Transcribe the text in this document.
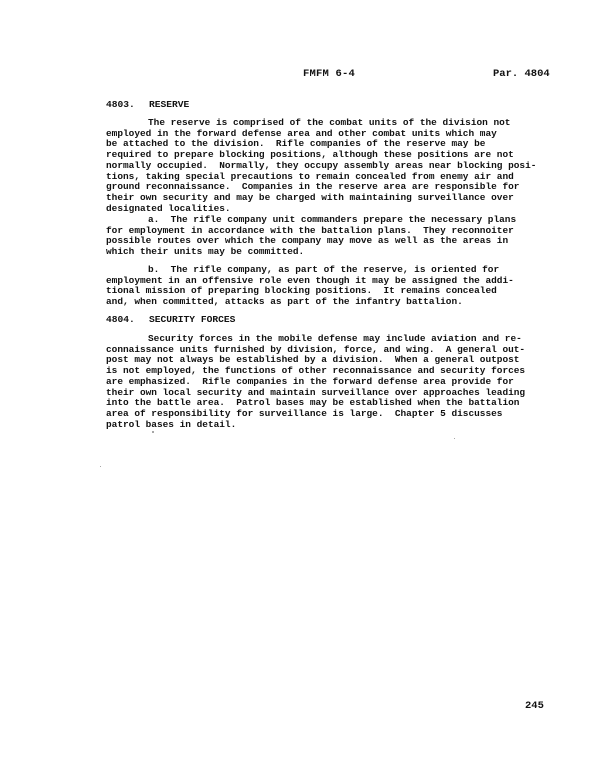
FMFM 6-4	Par. 4804
4803. RESERVE
The reserve is comprised of the combat units of the division not
employed in the forward defense area and other combat units which may
be attached to the division.  Rifle companies of the reserve may be
required to prepare blocking positions, although these positions are not
normally occupied.  Normally, they occupy assembly areas near blocking posi-
tions, taking special precautions to remain concealed from enemy air and
ground reconnaissance.  Companies in the reserve area are responsible for
their own security and may be charged with maintaining surveillance over
designated localities.
a.  The rifle company unit commanders prepare the necessary plans
for employment in accordance with the battalion plans.  They reconnoiter
possible routes over which the company may move as well as the areas in
which their units may be committed.
b.  The rifle company, as part of the reserve, is oriented for
employment in an offensive role even though it may be assigned the addi-
tional mission of preparing blocking positions.  It remains concealed
and, when committed, attacks as part of the infantry battalion.
4804. SECURITY FORCES
Security forces in the mobile defense may include aviation and re-
connaissance units furnished by division, force, and wing.  A general out-
post may not always be established by a division.  When a general outpost
is not employed, the functions of other reconnaissance and security forces
are emphasized.  Rifle companies in the forward defense area provide for
their own local security and maintain surveillance over approaches leading
into the battle area.  Patrol bases may be established when the battalion
area of responsibility for surveillance is large.  Chapter 5 discusses
patrol bases in detail.
245
